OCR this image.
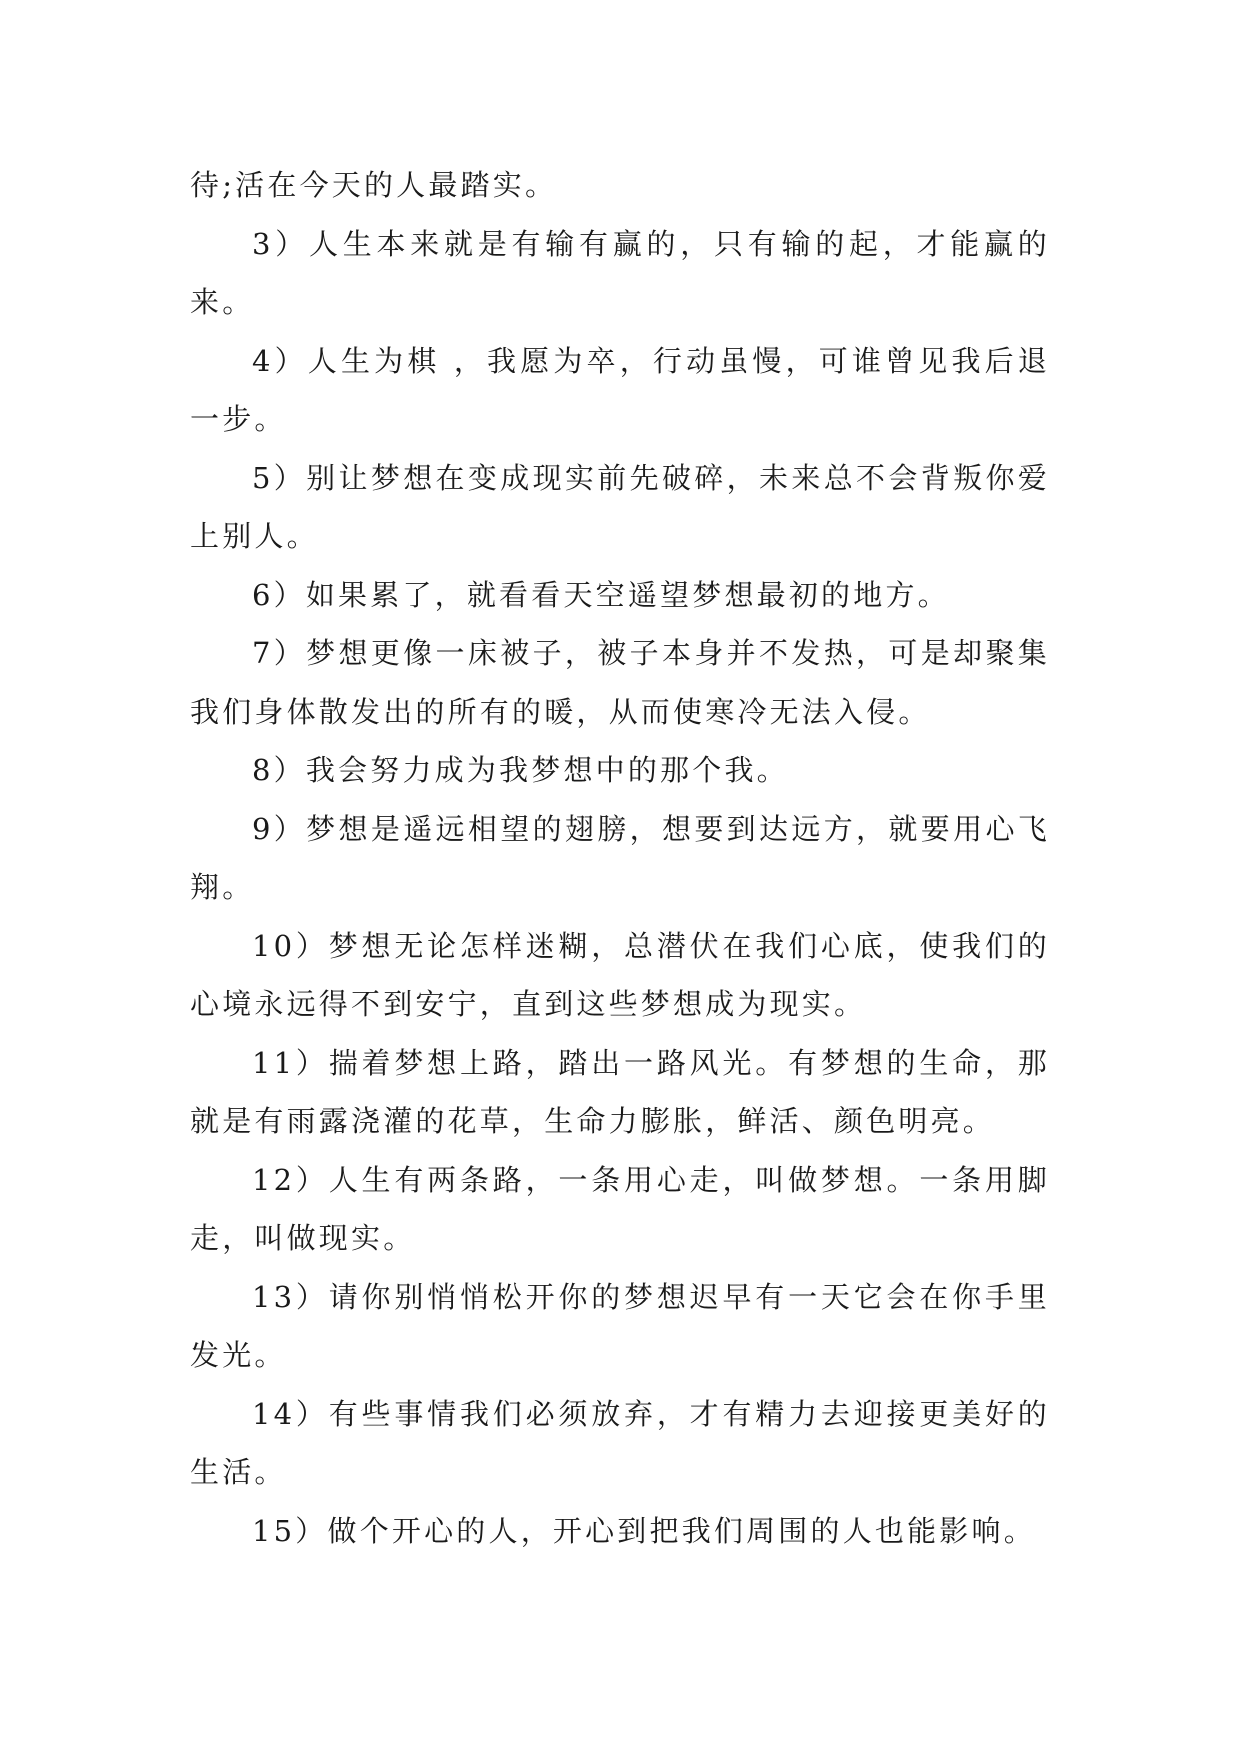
待;活在今天的人最踏实。

3）人生本来就是有输有赢的，只有输的起，才能赢的来。

4）人生为棋 ，我愿为卒，行动虽慢，可谁曾见我后退一步。

5）别让梦想在变成现实前先破碎，未来总不会背叛你爱上别人。

6）如果累了，就看看天空遥望梦想最初的地方。

7）梦想更像一床被子，被子本身并不发热，可是却聚集我们身体散发出的所有的暖，从而使寒冷无法入侵。

8）我会努力成为我梦想中的那个我。

9）梦想是遥远相望的翅膀，想要到达远方，就要用心飞翔。

10）梦想无论怎样迷糊，总潜伏在我们心底，使我们的心境永远得不到安宁，直到这些梦想成为现实。

11）揣着梦想上路，踏出一路风光。有梦想的生命，那就是有雨露浇灌的花草，生命力膨胀，鲜活、颜色明亮。

12）人生有两条路，一条用心走，叫做梦想。一条用脚走，叫做现实。

13）请你别悄悄松开你的梦想迟早有一天它会在你手里发光。

14）有些事情我们必须放弃，才有精力去迎接更美好的生活。

15）做个开心的人，开心到把我们周围的人也能影响。
